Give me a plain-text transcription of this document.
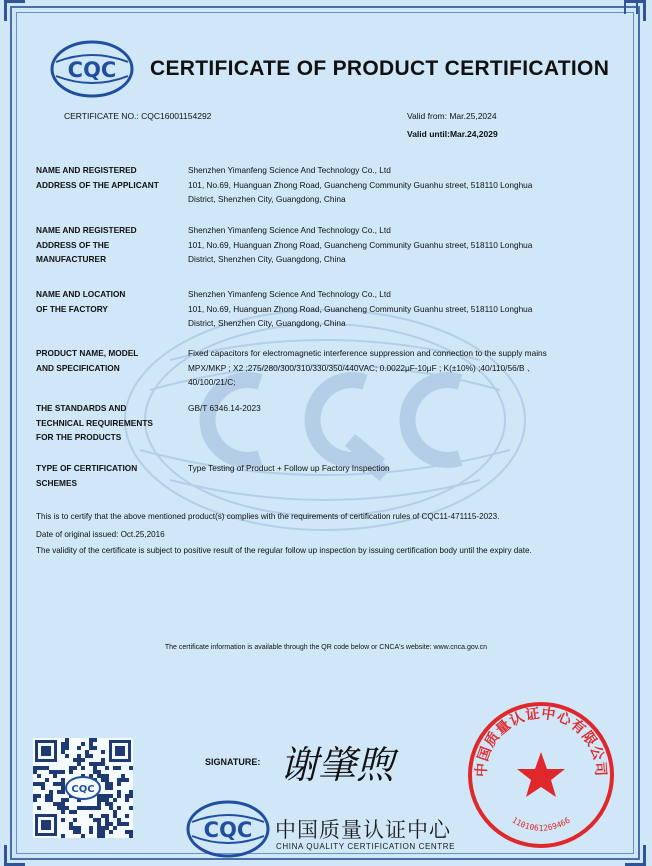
CQC CERTIFICATE OF PRODUCT CERTIFICATION
CERTIFICATE NO.: CQC16001154292	Valid from: Mar.25,2024
Valid until:Mar.24,2029
NAME AND REGISTERED
ADDRESS OF THE APPLICANT
Shenzhen Yimanfeng Science And Technology Co., Ltd
101, No.69, Huanguan Zhong Road, Guancheng Community Guanhu street, 518110 Longhua
District, Shenzhen City, Guangdong, China
NAME AND REGISTERED
ADDRESS OF THE
MANUFACTURER
Shenzhen Yimanfeng Science And Technology Co., Ltd
101, No.69, Huanguan Zhong Road, Guancheng Community Guanhu street, 518110 Longhua
District, Shenzhen City, Guangdong, China
NAME AND LOCATION
OF THE FACTORY
Shenzhen Yimanfeng Science And Technology Co., Ltd
101, No.69, Huanguan Zhong Road, Guancheng Community Guanhu street, 518110 Longhua
District, Shenzhen City, Guangdong, China
PRODUCT NAME, MODEL
AND SPECIFICATION
Fixed capacitors for electromagnetic interference suppression and connection to the supply mains
MPX/MKP ; X2 ;275/280/300/310/330/350/440VAC; 0.0022μF-10μF ; K(±10%) ;40/110/56/B 、
40/100/21/C;
THE STANDARDS AND
TECHNICAL REQUIREMENTS
FOR THE PRODUCTS
GB/T 6346.14-2023
TYPE OF CERTIFICATION
SCHEMES
Type Testing of Product + Follow up Factory Inspection
This is to certify that the above mentioned product(s) complies with the requirements of certification rules of CQC11-471115-2023.
Date of original issued: Oct.25,2016
The validity of the certificate is subject to positive result of the regular follow up inspection by issuing certification body until the expiry date.
The certificate information is available through the QR code below or CNCA's website: www.cnca.gov.cn
CQC
SIGNATURE: 谢肇煦
CQC 中国质量认证中心
CHINA QUALITY CERTIFICATION CENTRE
中国质量认证中心有限公司
1101061269466
